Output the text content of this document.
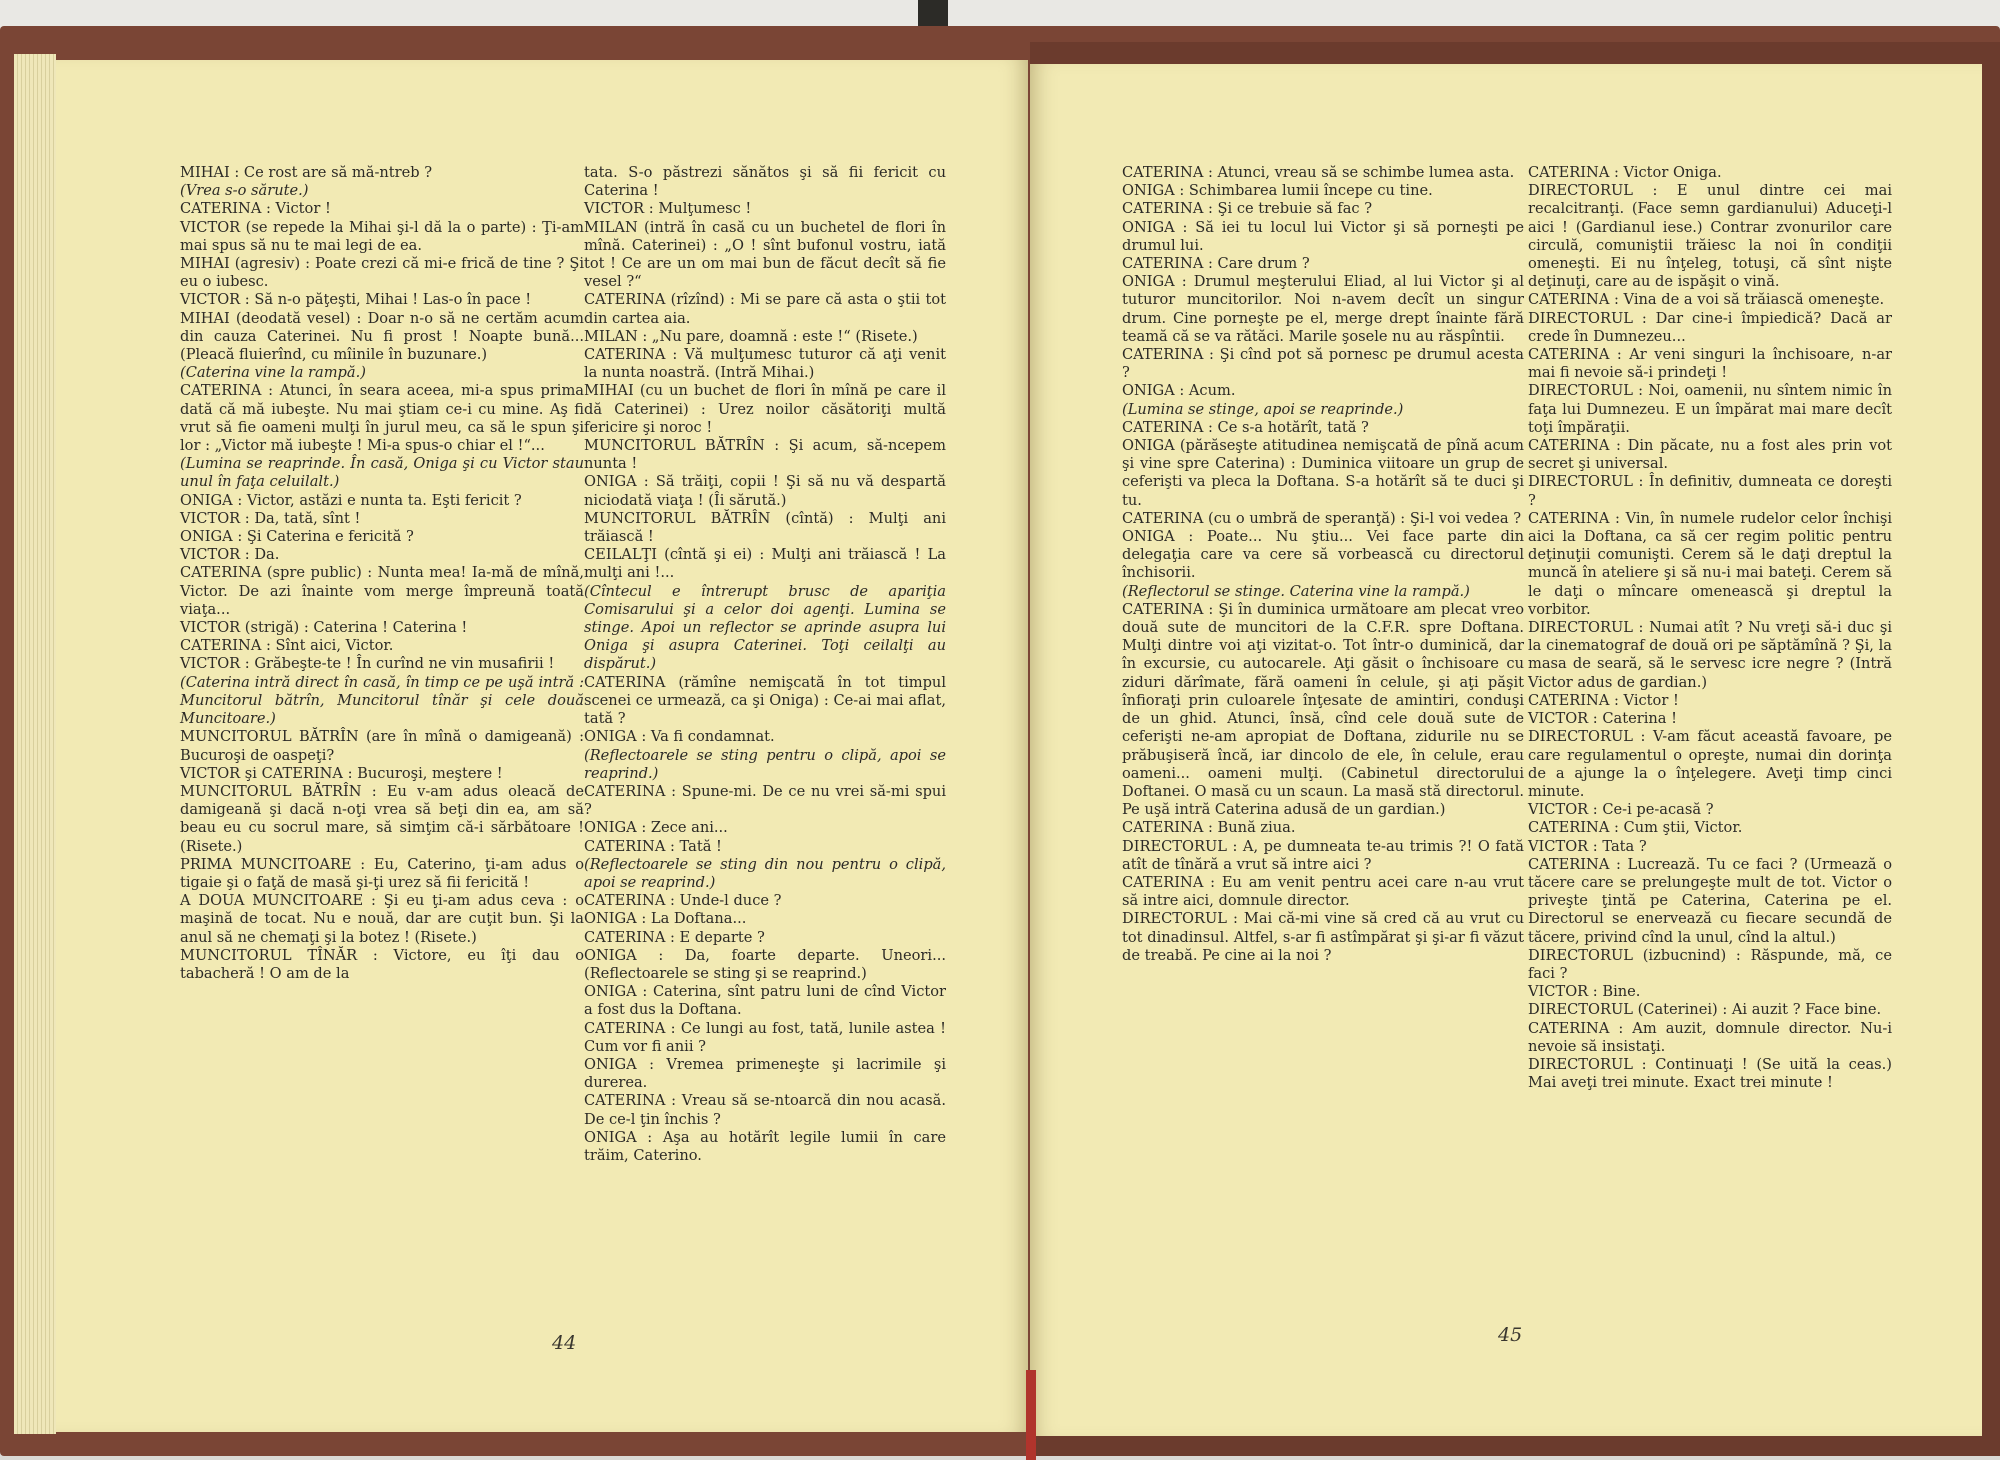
MIHAI : Ce rost are să mă-ntreb ?

(Vrea s-o sărute.)

CATERINA : Victor !

VICTOR (se repede la Mihai şi-l dă la o parte) : Ţi-am mai spus să nu te mai legi de ea.

MIHAI (agresiv) : Poate crezi că mi-e frică de tine ? Şi eu o iubesc.

VICTOR : Să n-o păţeşti, Mihai ! Las-o în pace !

MIHAI (deodată vesel) : Doar n-o să ne certăm acum din cauza Caterinei. Nu fi prost ! Noapte bună... (Pleacă fluierînd, cu mîinile în buzunare.)

(Caterina vine la rampă.)

CATERINA : Atunci, în seara aceea, mi-a spus prima dată că mă iubeşte. Nu mai ştiam ce-i cu mine. Aş fi vrut să fie oameni mulţi în jurul meu, ca să le spun şi lor : „Victor mă iubeşte ! Mi-a spus-o chiar el !“...

(Lumina se reaprinde. În casă, Oniga şi cu Victor stau unul în faţa celuilalt.)

ONIGA : Victor, astăzi e nunta ta. Eşti fericit ?

VICTOR : Da, tată, sînt !

ONIGA : Şi Caterina e fericită ?

VICTOR : Da.

CATERINA (spre public) : Nunta mea! Ia-mă de mînă, Victor. De azi înainte vom merge împreună toată viaţa...

VICTOR (strigă) : Caterina ! Caterina !

CATERINA : Sînt aici, Victor.

VICTOR : Grăbeşte-te ! În curînd ne vin musafirii !

(Caterina intră direct în casă, în timp ce pe uşă intră : Muncitorul bătrîn, Muncitorul tînăr şi cele două Muncitoare.)

MUNCITORUL BĂTRÎN (are în mînă o damigeană) : Bucuroşi de oaspeţi?

VICTOR şi CATERINA : Bucuroşi, meştere !

MUNCITORUL BĂTRÎN : Eu v-am adus oleacă de damigeană şi dacă n-oţi vrea să beţi din ea, am să beau eu cu socrul mare, să simţim că-i sărbătoare ! (Risete.)

PRIMA MUNCITOARE : Eu, Caterino, ţi-am adus o tigaie şi o faţă de masă şi-ţi urez să fii fericită !

A DOUA MUNCITOARE : Şi eu ţi-am adus ceva : o maşină de tocat. Nu e nouă, dar are cuţit bun. Şi la anul să ne chemaţi şi la botez ! (Risete.)

MUNCITORUL TÎNĂR : Victore, eu îţi dau o tabacheră ! O am de la

tata. S-o păstrezi sănătos şi să fii fericit cu Caterina !

VICTOR : Mulţumesc !

MILAN (intră în casă cu un buchetel de flori în mînă. Caterinei) : „O ! sînt bufonul vostru, iată tot ! Ce are un om mai bun de făcut decît să fie vesel ?“

CATERINA (rîzînd) : Mi se pare că asta o ştii tot din cartea aia.

MILAN : „Nu pare, doamnă : este !“ (Risete.)

CATERINA : Vă mulţumesc tuturor că aţi venit la nunta noastră. (Intră Mihai.)

MIHAI (cu un buchet de flori în mînă pe care il dă Caterinei) : Urez noilor căsătoriţi multă fericire şi noroc !

MUNCITORUL BĂTRÎN : Şi acum, să-ncepem nunta !

ONIGA : Să trăiţi, copii ! Şi să nu vă despartă niciodată viaţa ! (Îi sărută.)

MUNCITORUL BĂTRÎN (cîntă) : Mulţi ani trăiască !

CEILALŢI (cîntă şi ei) : Mulţi ani trăiască ! La mulţi ani !...

(Cîntecul e întrerupt brusc de apariţia Comisarului şi a celor doi agenţi. Lumina se stinge. Apoi un reflector se aprinde asupra lui Oniga şi asupra Caterinei. Toţi ceilalţi au dispărut.)

CATERINA (rămîne nemişcată în tot timpul scenei ce urmează, ca şi Oniga) : Ce-ai mai aflat, tată ?

ONIGA : Va fi condamnat.

(Reflectoarele se sting pentru o clipă, apoi se reaprind.)

CATERINA : Spune-mi. De ce nu vrei să-mi spui ?

ONIGA : Zece ani...

CATERINA : Tată !

(Reflectoarele se sting din nou pentru o clipă, apoi se reaprind.)

CATERINA : Unde-l duce ?

ONIGA : La Doftana...

CATERINA : E departe ?

ONIGA : Da, foarte departe. Uneori... (Reflectoarele se sting şi se reaprind.)

ONIGA : Caterina, sînt patru luni de cînd Victor a fost dus la Doftana.

CATERINA : Ce lungi au fost, tată, lunile astea ! Cum vor fi anii ?

ONIGA : Vremea primeneşte şi lacrimile şi durerea.

CATERINA : Vreau să se-ntoarcă din nou acasă. De ce-l ţin închis ?

ONIGA : Aşa au hotărît legile lumii în care trăim, Caterino.

44

CATERINA : Atunci, vreau să se schimbe lumea asta.

ONIGA : Schimbarea lumii începe cu tine.

CATERINA : Şi ce trebuie să fac ?

ONIGA : Să iei tu locul lui Victor şi să porneşti pe drumul lui.

CATERINA : Care drum ?

ONIGA : Drumul meşterului Eliad, al lui Victor şi al tuturor muncitorilor. Noi n-avem decît un singur drum. Cine porneşte pe el, merge drept înainte fără teamă că se va rătăci. Marile şosele nu au răspîntii.

CATERINA : Şi cînd pot să pornesc pe drumul acesta ?

ONIGA : Acum.

(Lumina se stinge, apoi se reaprinde.)

CATERINA : Ce s-a hotărît, tată ?

ONIGA (părăseşte atitudinea nemişcată de pînă acum şi vine spre Caterina) : Duminica viitoare un grup de ceferişti va pleca la Doftana. S-a hotărît să te duci şi tu.

CATERINA (cu o umbră de speranţă) : Şi-l voi vedea ?

ONIGA : Poate... Nu ştiu... Vei face parte din delegaţia care va cere să vorbească cu directorul închisorii.

(Reflectorul se stinge. Caterina vine la rampă.)

CATERINA : Şi în duminica următoare am plecat vreo două sute de muncitori de la C.F.R. spre Doftana. Mulţi dintre voi aţi vizitat-o. Tot într-o duminică, dar în excursie, cu autocarele. Aţi găsit o închisoare cu ziduri dărîmate, fără oameni în celule, şi aţi păşit înfioraţi prin culoarele înţesate de amintiri, conduşi de un ghid. Atunci, însă, cînd cele două sute de ceferişti ne-am apropiat de Doftana, zidurile nu se prăbuşiseră încă, iar dincolo de ele, în celule, erau oameni... oameni mulţi. (Cabinetul directorului Doftanei. O masă cu un scaun. La masă stă directorul. Pe uşă intră Caterina adusă de un gardian.)

CATERINA : Bună ziua.

DIRECTORUL : A, pe dumneata te-au trimis ?! O fată atît de tînără a vrut să intre aici ?

CATERINA : Eu am venit pentru acei care n-au vrut să intre aici, domnule director.

DIRECTORUL : Mai că-mi vine să cred că au vrut cu tot dinadinsul. Altfel, s-ar fi astîmpărat şi şi-ar fi văzut de treabă. Pe cine ai la noi ?

CATERINA : Victor Oniga.

DIRECTORUL : E unul dintre cei mai recalcitranţi. (Face semn gardianului) Aduceţi-l aici ! (Gardianul iese.) Contrar zvonurilor care circulă, comuniştii trăiesc la noi în condiţii omeneşti. Ei nu înţeleg, totuşi, că sînt nişte deţinuţi, care au de ispăşit o vină.

CATERINA : Vina de a voi să trăiască omeneşte.

DIRECTORUL : Dar cine-i împiedică? Dacă ar crede în Dumnezeu...

CATERINA : Ar veni singuri la închisoare, n-ar mai fi nevoie să-i prindeţi !

DIRECTORUL : Noi, oamenii, nu sîntem nimic în faţa lui Dumnezeu. E un împărat mai mare decît toţi împăraţii.

CATERINA : Din păcate, nu a fost ales prin vot secret şi universal.

DIRECTORUL : În definitiv, dumneata ce doreşti ?

CATERINA : Vin, în numele rudelor celor închişi aici la Doftana, ca să cer regim politic pentru deţinuţii comunişti. Cerem să le daţi dreptul la muncă în ateliere şi să nu-i mai bateţi. Cerem să le daţi o mîncare omenească şi dreptul la vorbitor.

DIRECTORUL : Numai atît ? Nu vreţi să-i duc şi la cinematograf de două ori pe săptămînă ? Şi, la masa de seară, să le servesc icre negre ? (Intră Victor adus de gardian.)

CATERINA : Victor !

VICTOR : Caterina !

DIRECTORUL : V-am făcut această favoare, pe care regulamentul o opreşte, numai din dorinţa de a ajunge la o înţelegere. Aveţi timp cinci minute.

VICTOR : Ce-i pe-acasă ?

CATERINA : Cum ştii, Victor.

VICTOR : Tata ?

CATERINA : Lucrează. Tu ce faci ? (Urmează o tăcere care se prelungeşte mult de tot. Victor o priveşte ţintă pe Caterina, Caterina pe el. Directorul se enervează cu fiecare secundă de tăcere, privind cînd la unul, cînd la altul.)

DIRECTORUL (izbucnind) : Răspunde, mă, ce faci ?

VICTOR : Bine.

DIRECTORUL (Caterinei) : Ai auzit ? Face bine.

CATERINA : Am auzit, domnule director. Nu-i nevoie să insistaţi.

DIRECTORUL : Continuaţi ! (Se uită la ceas.) Mai aveţi trei minute. Exact trei minute !

45
